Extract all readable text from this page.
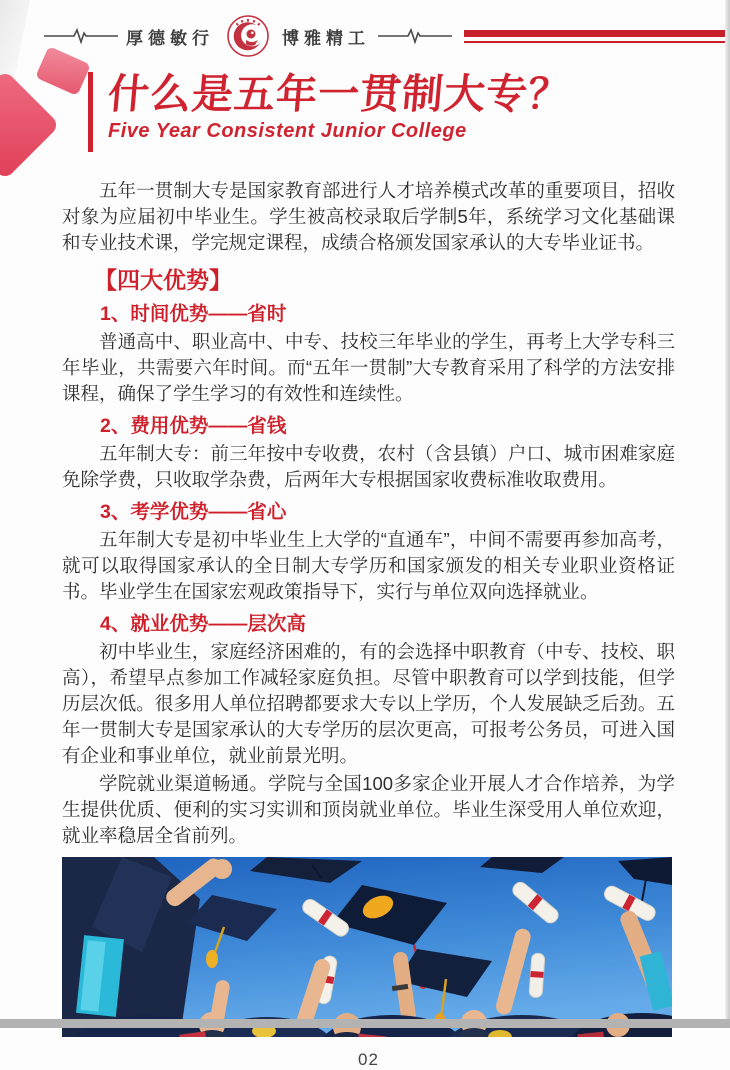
厚德敏行	博雅精工
什么是五年一贯制大专？
Five Year Consistent Junior College

五年一贯制大专是国家教育部进行人才培养模式改革的重要项目，招收对象为应届初中毕业生。学生被高校录取后学制5年，系统学习文化基础课和专业技术课，学完规定课程，成绩合格颁发国家承认的大专毕业证书。

【四大优势】
1、时间优势——省时

普通高中、职业高中、中专、技校三年毕业的学生，再考上大学专科三年毕业，共需要六年时间。而“五年一贯制”大专教育采用了科学的方法安排课程，确保了学生学习的有效性和连续性。

2、费用优势——省钱

五年制大专：前三年按中专收费，农村（含县镇）户口、城市困难家庭免除学费，只收取学杂费，后两年大专根据国家收费标准收取费用。

3、考学优势——省心

五年制大专是初中毕业生上大学的“直通车”，中间不需要再参加高考，就可以取得国家承认的全日制大专学历和国家颁发的相关专业职业资格证书。毕业学生在国家宏观政策指导下，实行与单位双向选择就业。

4、就业优势——层次高

初中毕业生，家庭经济困难的，有的会选择中职教育（中专、技校、职高），希望早点参加工作减轻家庭负担。尽管中职教育可以学到技能，但学历层次低。很多用人单位招聘都要求大专以上学历，个人发展缺乏后劲。五年一贯制大专是国家承认的大专学历的层次更高，可报考公务员，可进入国有企业和事业单位，就业前景光明。

学院就业渠道畅通。学院与全国100多家企业开展人才合作培养，为学生提供优质、便利的实习实训和顶岗就业单位。毕业生深受用人单位欢迎，就业率稳居全省前列。

02
